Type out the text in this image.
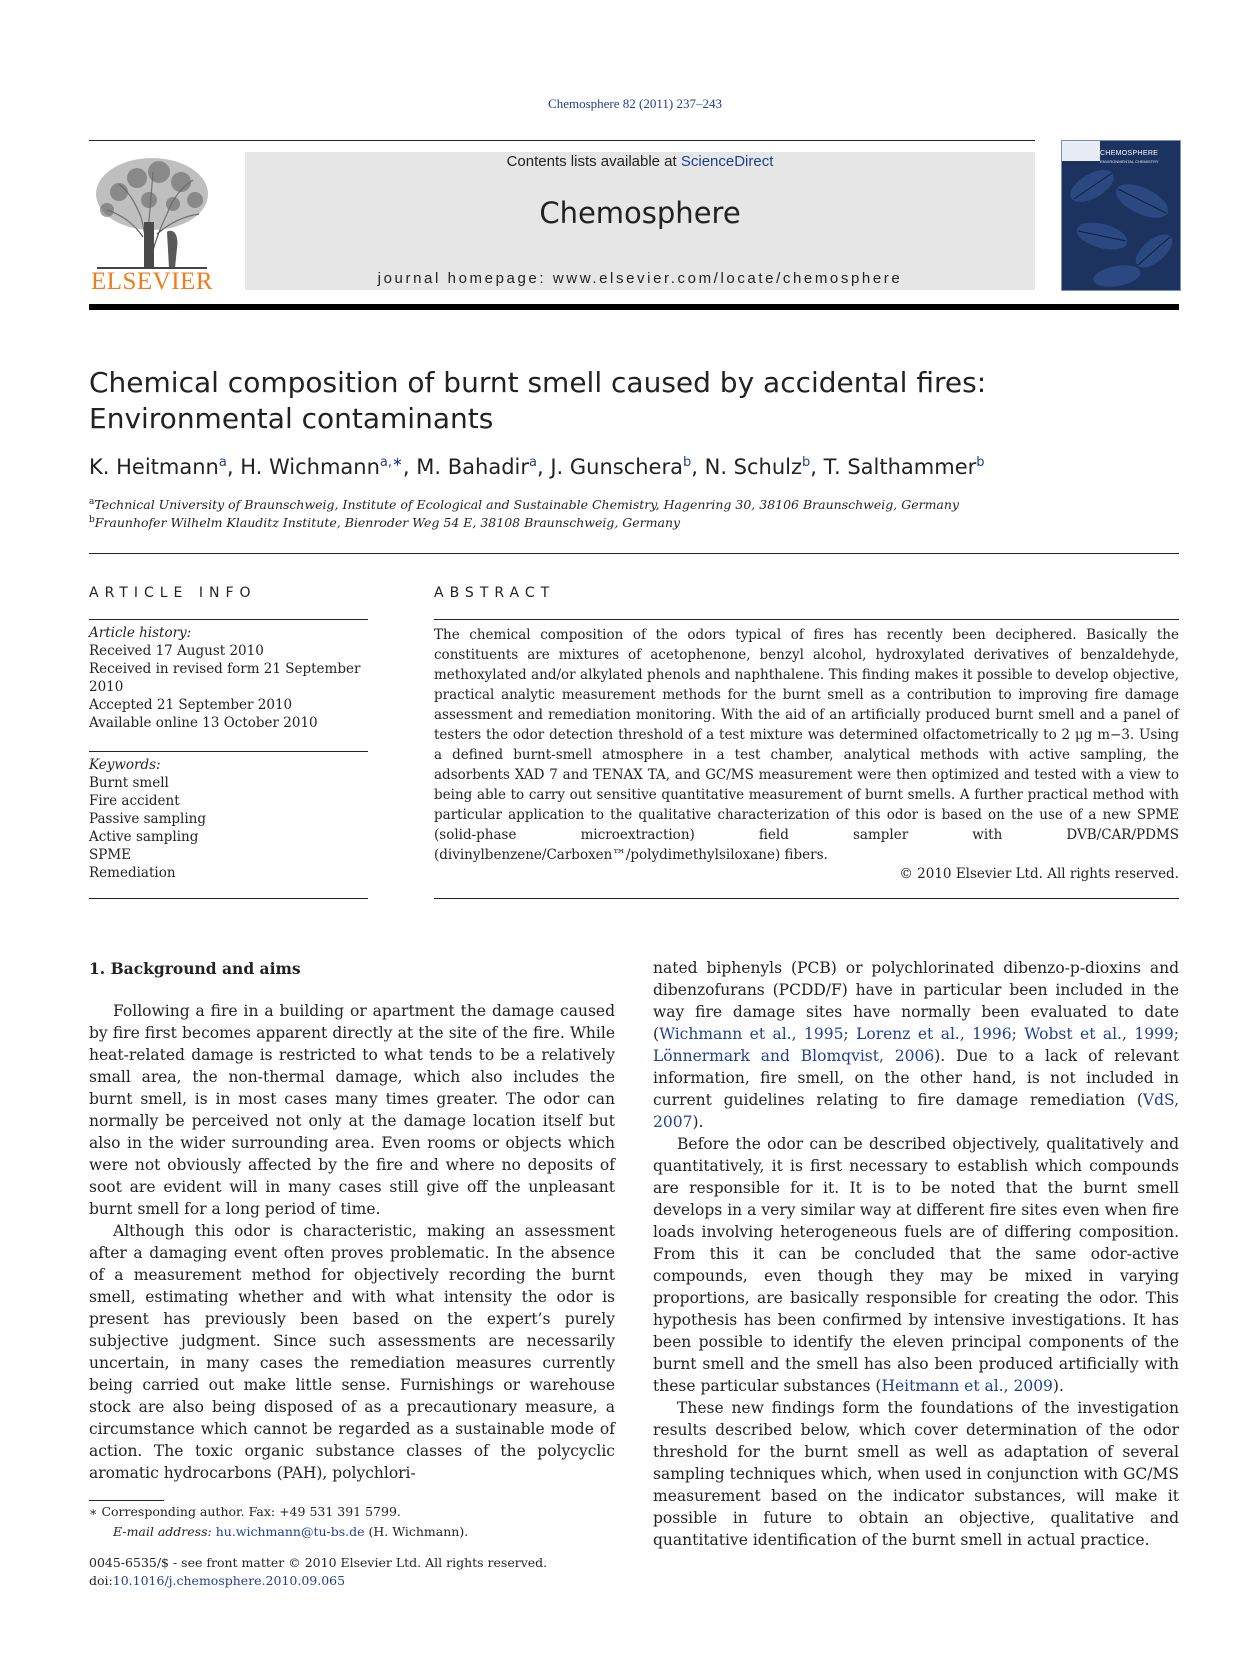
Chemosphere 82 (2011) 237–243
ELSEVIER
Contents lists available at ScienceDirect
Chemosphere
journal homepage: www.elsevier.com/locate/chemosphere
CHEMOSPHERE
ENVIRONMENTAL CHEMISTRY
Chemical composition of burnt smell caused by accidental fires:
Environmental contaminants
K. Heitmann$^a$, H. Wichmann$^{a,∗}$, M. Bahadir$^a$, J. Gunschera$^b$, N. Schulz$^b$, T. Salthammer$^b$
$^a$Technical University of Braunschweig, Institute of Ecological and Sustainable Chemistry, Hagenring 30, 38106 Braunschweig, Germany
$^b$Fraunhofer Wilhelm Klauditz Institute, Bienroder Weg 54 E, 38108 Braunschweig, Germany
ARTICLE INFO
Article history:
Received 17 August 2010
Received in revised form 21 September
2010
Accepted 21 September 2010
Available online 13 October 2010
Keywords:
Burnt smell
Fire accident
Passive sampling
Active sampling
SPME
Remediation
ABSTRACT
The chemical composition of the odors typical of fires has recently been deciphered. Basically the constituents are mixtures of acetophenone, benzyl alcohol, hydroxylated derivatives of benzaldehyde, methoxylated and/or alkylated phenols and naphthalene. This finding makes it possible to develop objective, practical analytic measurement methods for the burnt smell as a contribution to improving fire damage assessment and remediation monitoring. With the aid of an artificially produced burnt smell and a panel of testers the odor detection threshold of a test mixture was determined olfactometrically to 2 μg m−3. Using a defined burnt-smell atmosphere in a test chamber, analytical methods with active sampling, the adsorbents XAD 7 and TENAX TA, and GC/MS measurement were then optimized and tested with a view to being able to carry out sensitive quantitative measurement of burnt smells. A further practical method with particular application to the qualitative characterization of this odor is based on the use of a new SPME (solid-phase microextraction) field sampler with DVB/CAR/PDMS (divinylbenzene/Carboxen™/polydimethylsiloxane) fibers.
© 2010 Elsevier Ltd. All rights reserved.
1. Background and aims

Following a fire in a building or apartment the damage caused by fire first becomes apparent directly at the site of the fire. While heat-related damage is restricted to what tends to be a relatively small area, the non-thermal damage, which also includes the burnt smell, is in most cases many times greater. The odor can normally be perceived not only at the damage location itself but also in the wider surrounding area. Even rooms or objects which were not obviously affected by the fire and where no deposits of soot are evident will in many cases still give off the unpleasant burnt smell for a long period of time.

Although this odor is characteristic, making an assessment after a damaging event often proves problematic. In the absence of a measurement method for objectively recording the burnt smell, estimating whether and with what intensity the odor is present has previously been based on the expert’s purely subjective judgment. Since such assessments are necessarily uncertain, in many cases the remediation measures currently being carried out make little sense. Furnishings or warehouse stock are also being disposed of as a precautionary measure, a circumstance which cannot be regarded as a sustainable mode of action. The toxic organic substance classes of the polycyclic aromatic hydrocarbons (PAH), polychlori-

nated biphenyls (PCB) or polychlorinated dibenzo-p-dioxins and dibenzofurans (PCDD/F) have in particular been included in the way fire damage sites have normally been evaluated to date (Wichmann et al., 1995; Lorenz et al., 1996; Wobst et al., 1999; Lönnermark and Blomqvist, 2006). Due to a lack of relevant information, fire smell, on the other hand, is not included in current guidelines relating to fire damage remediation (VdS, 2007).

Before the odor can be described objectively, qualitatively and quantitatively, it is first necessary to establish which compounds are responsible for it. It is to be noted that the burnt smell develops in a very similar way at different fire sites even when fire loads involving heterogeneous fuels are of differing composition. From this it can be concluded that the same odor-active compounds, even though they may be mixed in varying proportions, are basically responsible for creating the odor. This hypothesis has been confirmed by intensive investigations. It has been possible to identify the eleven principal components of the burnt smell and the smell has also been produced artificially with these particular substances (Heitmann et al., 2009).

These new findings form the foundations of the investigation results described below, which cover determination of the odor threshold for the burnt smell as well as adaptation of several sampling techniques which, when used in conjunction with GC/MS measurement based on the indicator substances, will make it possible in future to obtain an objective, qualitative and quantitative identification of the burnt smell in actual practice.

∗ Corresponding author. Fax: +49 531 391 5799.
E-mail address: hu.wichmann@tu-bs.de (H. Wichmann).
0045-6535/$ - see front matter © 2010 Elsevier Ltd. All rights reserved.
doi:10.1016/j.chemosphere.2010.09.065
